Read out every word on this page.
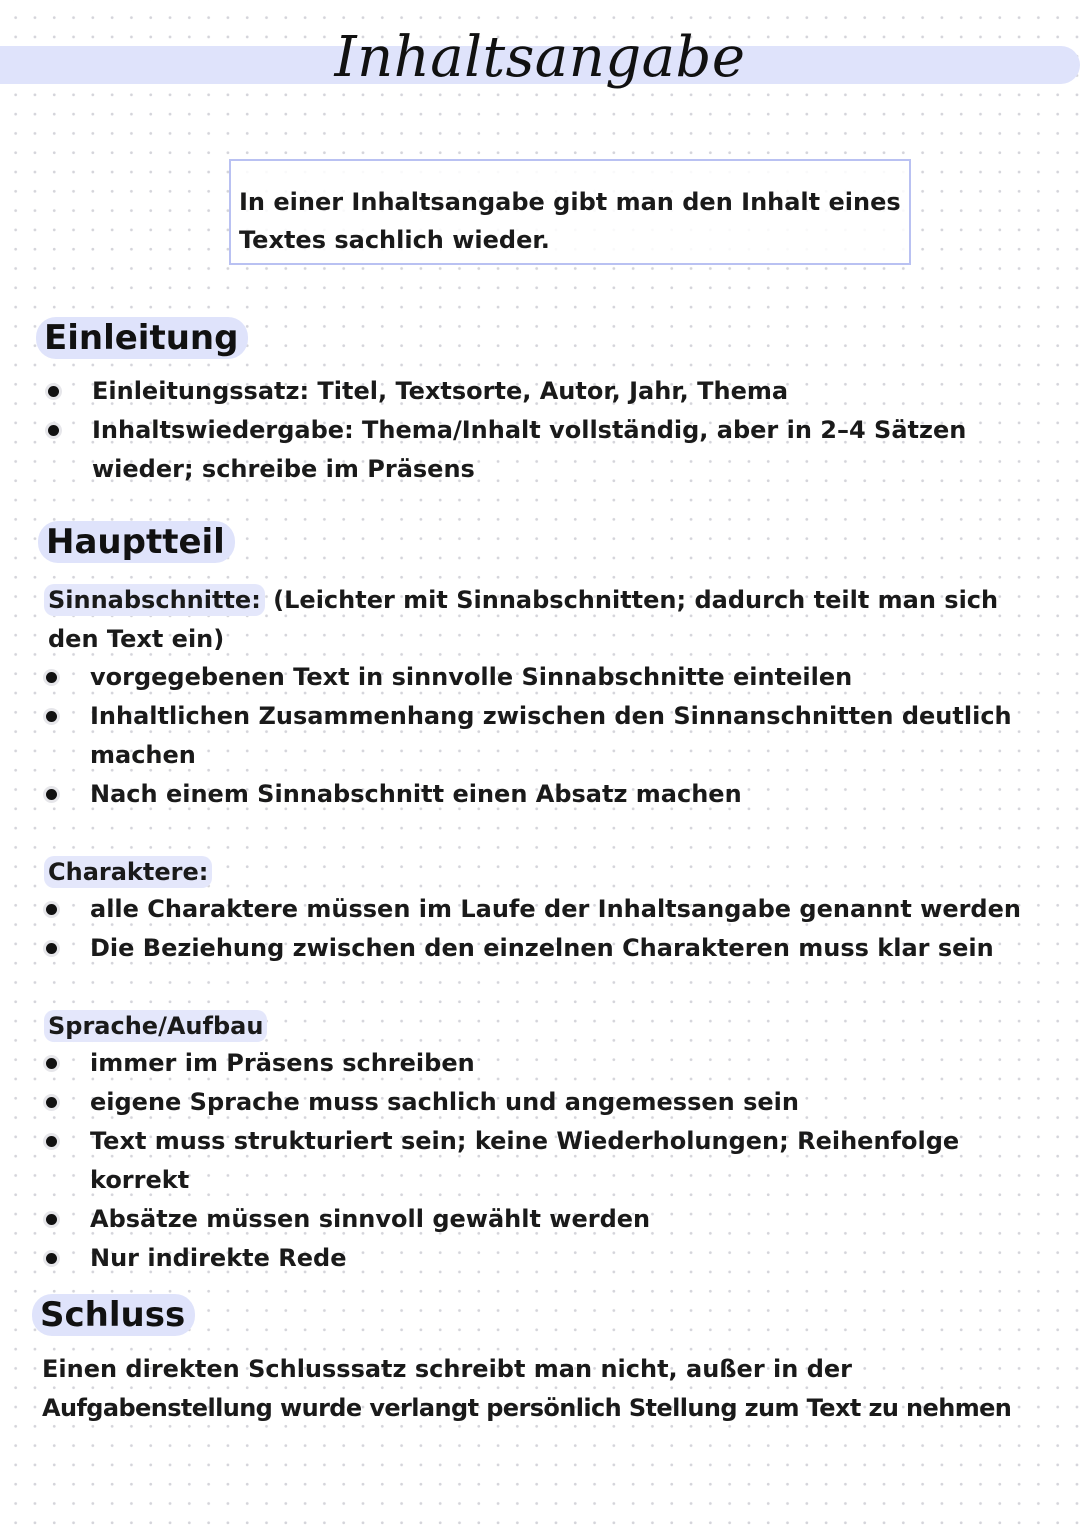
Inhaltsangabe
In einer Inhaltsangabe gibt man den Inhalt eines
Textes sachlich wieder.
Einleitung
Einleitungssatz: Titel, Textsorte, Autor, Jahr, Thema
Inhaltswiedergabe: Thema/Inhalt vollständig, aber in 2–4 Sätzen
wieder; schreibe im Präsens
Hauptteil
Sinnabschnitte: (Leichter mit Sinnabschnitten; dadurch teilt man sich
den Text ein)
vorgegebenen Text in sinnvolle Sinnabschnitte einteilen
Inhaltlichen Zusammenhang zwischen den Sinnanschnitten deutlich
machen
Nach einem Sinnabschnitt einen Absatz machen
Charaktere:
alle Charaktere müssen im Laufe der Inhaltsangabe genannt werden
Die Beziehung zwischen den einzelnen Charakteren muss klar sein
Sprache/Aufbau
immer im Präsens schreiben
eigene Sprache muss sachlich und angemessen sein
Text muss strukturiert sein; keine Wiederholungen; Reihenfolge
korrekt
Absätze müssen sinnvoll gewählt werden
Nur indirekte Rede
Schluss
Einen direkten Schlusssatz schreibt man nicht, außer in der
Aufgabenstellung wurde verlangt persönlich Stellung zum Text zu nehmen
